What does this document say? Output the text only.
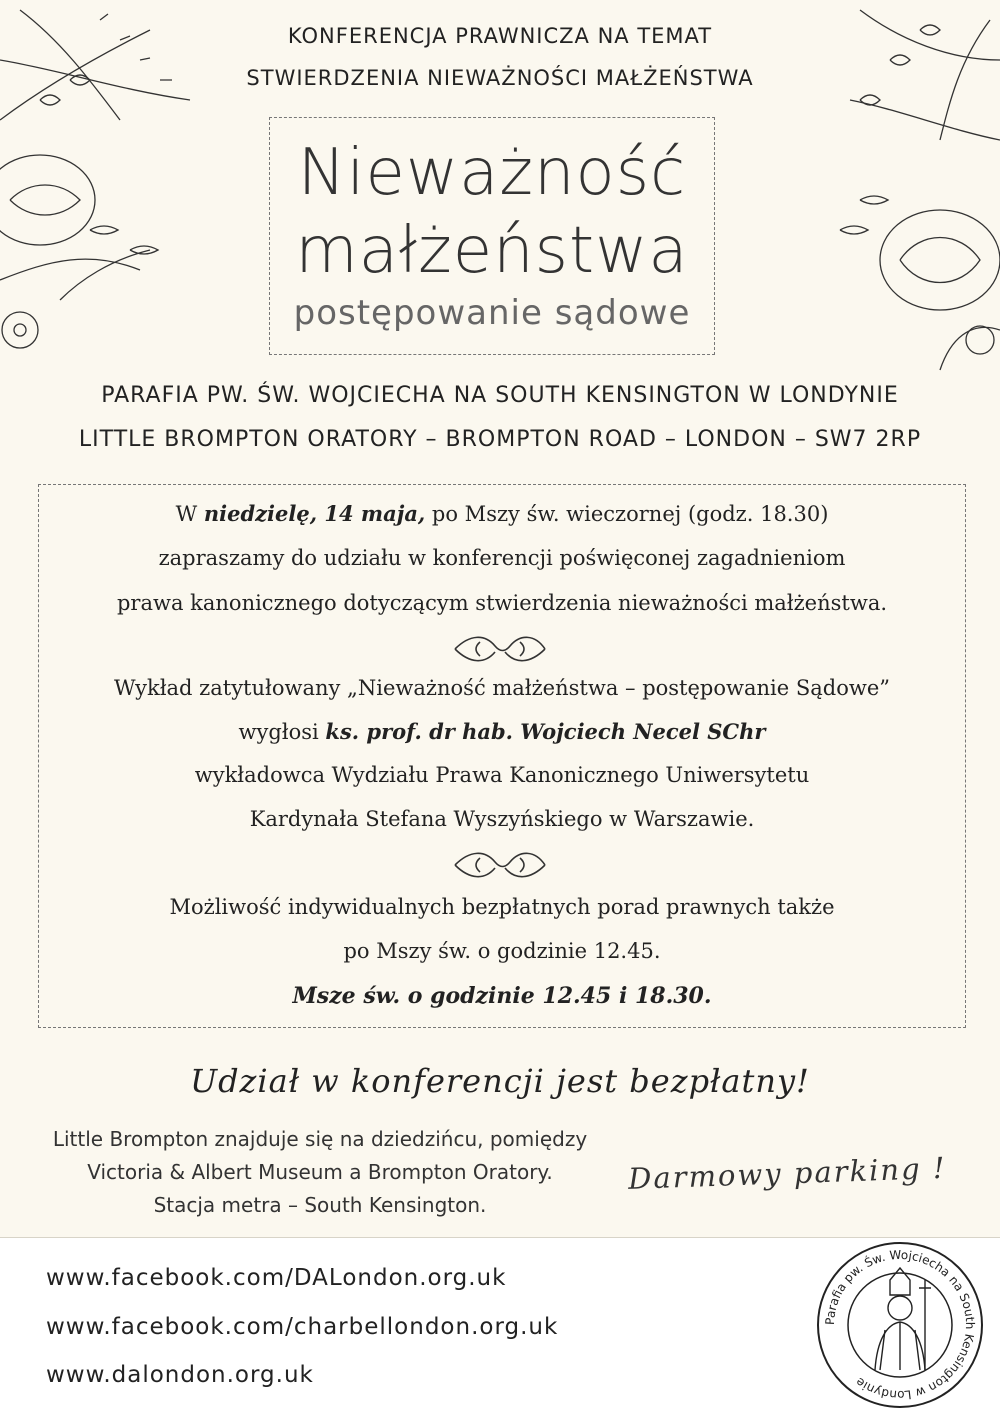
KONFERENCJA PRAWNICZA NA TEMAT
STWIERDZENIA NIEWAŻNOŚCI MAŁŻEŃSTWA
Nieważność
małżeństwa
postępowanie sądowe
PARAFIA PW. ŚW. WOJCIECHA NA SOUTH KENSINGTON W LONDYNIE
LITTLE BROMPTON ORATORY – BROMPTON ROAD – LONDON – SW7 2RP
W niedzielę, 14 maja, po Mszy św. wieczornej (godz. 18.30)
zapraszamy do udziału w konferencji poświęconej zagadnieniom
prawa kanonicznego dotyczącym stwierdzenia nieważności małżeństwa.
Wykład zatytułowany „Nieważność małżeństwa – postępowanie Sądowe”
wygłosi ks. prof. dr hab. Wojciech Necel SChr
wykładowca Wydziału Prawa Kanonicznego Uniwersytetu
Kardynała Stefana Wyszyńskiego w Warszawie.
Możliwość indywidualnych bezpłatnych porad prawnych także
po Mszy św. o godzinie 12.45.
Msze św. o godzinie 12.45 i 18.30.
Udział w konferencji jest bezpłatny!
Little Brompton znajduje się na dziedzińcu, pomiędzy
Victoria & Albert Museum a Brompton Oratory.
Stacja metra – South Kensington.
Darmowy parking !
www.facebook.com/DALondon.org.uk
www.facebook.com/charbellondon.org.uk
www.dalondon.org.uk
Parafia pw. Św. Wojciecha na South Kensington w Londynie
